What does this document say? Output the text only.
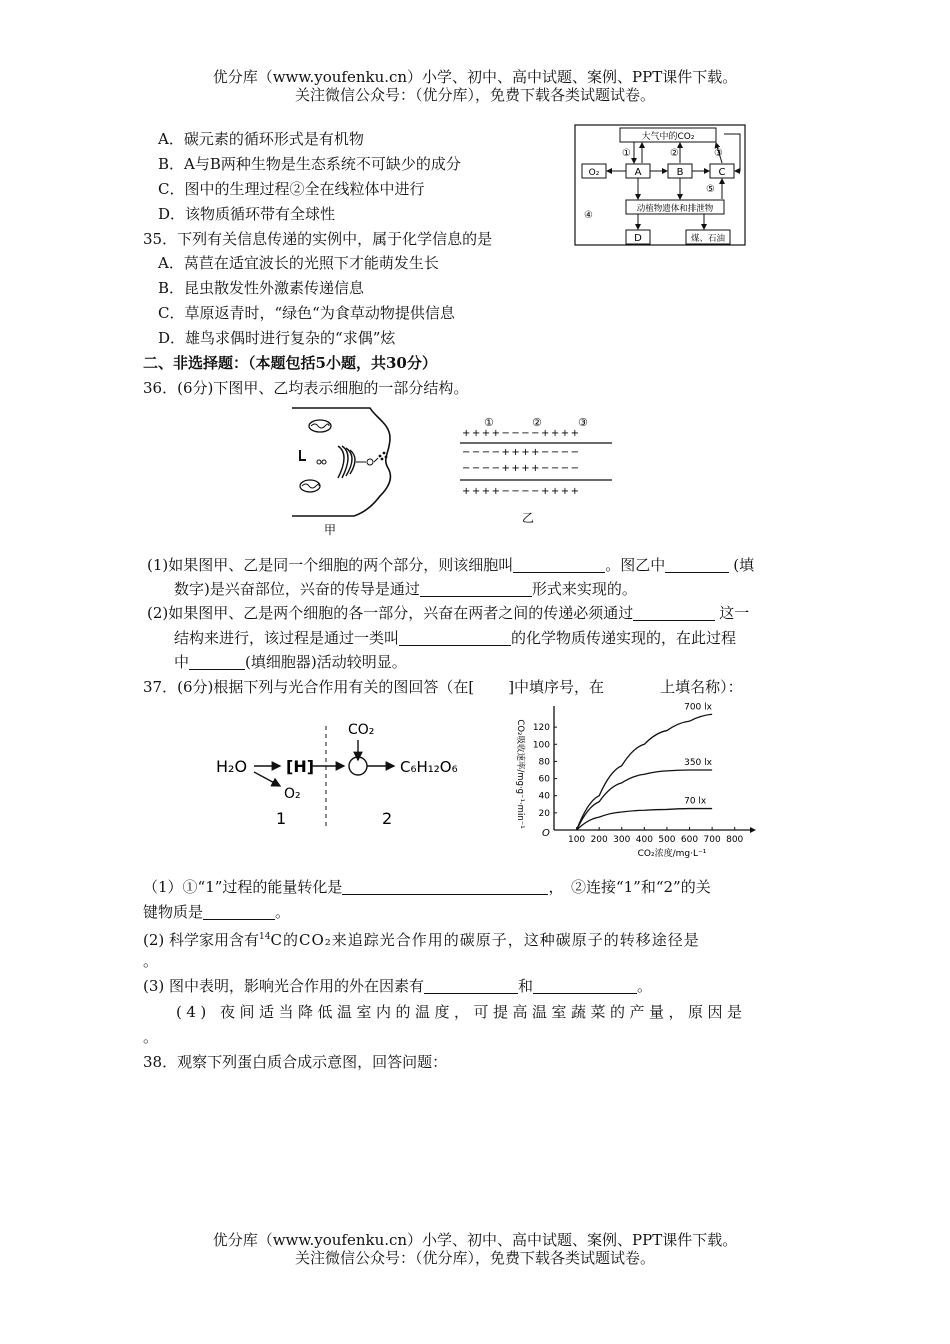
优分库（www.youfenku.cn）小学、初中、高中试题、案例、PPT课件下载。
关注微信公众号：（优分库），免费下载各类试题试卷。
A．碳元素的循环形式是有机物
B．A与B两种生物是生态系统不可缺少的成分
C．图中的生理过程②全在线粒体中进行
D．该物质循环带有全球性
大气中的CO₂
O₂	A	B	C
动植物遗体和排泄物
D	煤、石油
①	②	③
④
⑤
35．下列有关信息传递的实例中，属于化学信息的是
A．莴苣在适宜波长的光照下才能萌发生长
B．昆虫散发性外激素传递信息
C．草原返青时，“绿色“为食草动物提供信息
D．雄鸟求偶时进行复杂的“求偶”炫
二、非选择题：（本题包括5小题，共30分）
36．(6分)下图甲、乙均表示细胞的一部分结构。
甲
①	②	③
++++−−−−++++
−−−−++++−−−−
−−−−++++−−−−
++++−−−−++++
乙
(1)如果图甲、乙是同一个细胞的两个部分，则该细胞叫	。图乙中	(填
数字)是兴奋部位，兴奋的传导是通过	形式来实现的。
(2)如果图甲、乙是两个细胞的各一部分，兴奋在两者之间的传递必须通过	这一
结构来进行，该过程是通过一类叫	的化学物质传递实现的，在此过程
中	(填细胞器)活动较明显。
37．(6分)根据下列与光合作用有关的图回答（在[ ]中填序号，在	上填名称）：
H₂O [H]
O₂
CO₂
C₆H₁₂O₆
1	2
O
100 200 300 400 500 600 700 800
20
40
60
80
100
120
CO₂浓度/mg·L⁻¹
CO₂吸收速率/mg·g⁻¹·min⁻¹
700 lx
350 lx
70 lx
（1）①“1”过程的能量转化是	，　②连接“1”和“2”的关
键物质是	。
(2) 科学家用含有$^{14}$C的CO₂来追踪光合作用的碳原子，这种碳原子的转移途径是
。
(3) 图中表明，影响光合作用的外在因素有	和	。
(4) 夜间适当降低温室内的温度，可提高温室蔬菜的产量，原因是
。
38．观察下列蛋白质合成示意图，回答问题：
优分库（www.youfenku.cn）小学、初中、高中试题、案例、PPT课件下载。
关注微信公众号：（优分库），免费下载各类试题试卷。
